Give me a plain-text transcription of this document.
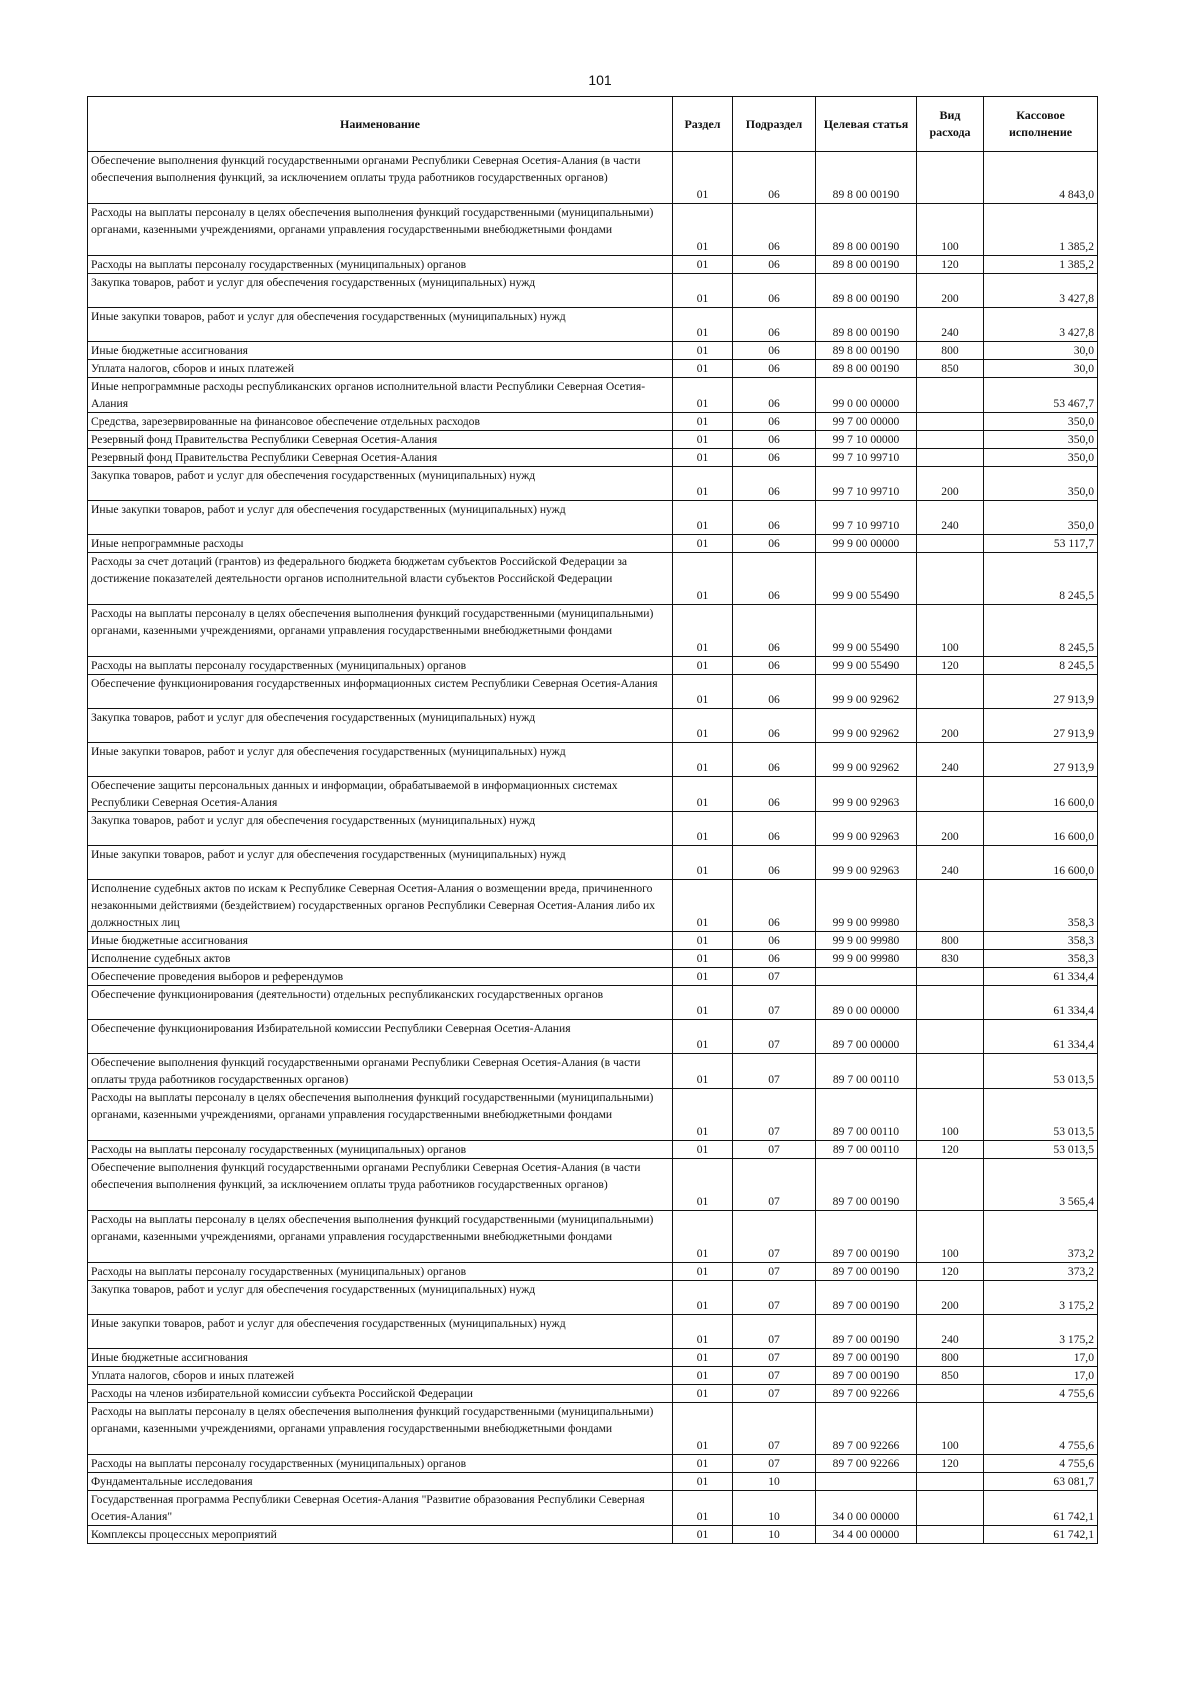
101
Наименование	Раздел	Подраздел	Целевая статья	Вид расхода	Кассовое исполнение
Обеспечение выполнения функций государственными органами Республики Северная Осетия-Алания (в части обеспечения выполнения функций, за исключением оплаты труда работников государственных органов)	01	06	89 8 00 00190		4 843,0
Расходы на выплаты персоналу в целях обеспечения выполнения функций государственными (муниципальными) органами, казенными учреждениями, органами управления государственными внебюджетными фондами	01	06	89 8 00 00190	100	1 385,2
Расходы на выплаты персоналу государственных (муниципальных) органов	01	06	89 8 00 00190	120	1 385,2
Закупка товаров, работ и услуг для обеспечения государственных (муниципальных) нужд	01	06	89 8 00 00190	200	3 427,8
Иные закупки товаров, работ и услуг для обеспечения государственных (муниципальных) нужд	01	06	89 8 00 00190	240	3 427,8
Иные бюджетные ассигнования	01	06	89 8 00 00190	800	30,0
Уплата налогов, сборов и иных платежей	01	06	89 8 00 00190	850	30,0
Иные непрограммные расходы республиканских органов исполнительной власти Республики Северная Осетия-Алания	01	06	99 0 00 00000		53 467,7
Средства, зарезервированные на финансовое обеспечение отдельных расходов	01	06	99 7 00 00000		350,0
Резервный фонд Правительства Республики Северная Осетия-Алания	01	06	99 7 10 00000		350,0
Резервный фонд Правительства Республики Северная Осетия-Алания	01	06	99 7 10 99710		350,0
Закупка товаров, работ и услуг для обеспечения государственных (муниципальных) нужд	01	06	99 7 10 99710	200	350,0
Иные закупки товаров, работ и услуг для обеспечения государственных (муниципальных) нужд	01	06	99 7 10 99710	240	350,0
Иные непрограммные расходы	01	06	99 9 00 00000		53 117,7
Расходы за счет дотаций (грантов) из федерального бюджета бюджетам субъектов Российской Федерации за достижение показателей деятельности органов исполнительной власти субъектов Российской Федерации	01	06	99 9 00 55490		8 245,5
Расходы на выплаты персоналу в целях обеспечения выполнения функций государственными (муниципальными) органами, казенными учреждениями, органами управления государственными внебюджетными фондами	01	06	99 9 00 55490	100	8 245,5
Расходы на выплаты персоналу государственных (муниципальных) органов	01	06	99 9 00 55490	120	8 245,5
Обеспечение функционирования государственных информационных систем Республики Северная Осетия-Алания	01	06	99 9 00 92962		27 913,9
Закупка товаров, работ и услуг для обеспечения государственных (муниципальных) нужд	01	06	99 9 00 92962	200	27 913,9
Иные закупки товаров, работ и услуг для обеспечения государственных (муниципальных) нужд	01	06	99 9 00 92962	240	27 913,9
Обеспечение защиты персональных данных и информации, обрабатываемой в информационных системах Республики Северная Осетия-Алания	01	06	99 9 00 92963		16 600,0
Закупка товаров, работ и услуг для обеспечения государственных (муниципальных) нужд	01	06	99 9 00 92963	200	16 600,0
Иные закупки товаров, работ и услуг для обеспечения государственных (муниципальных) нужд	01	06	99 9 00 92963	240	16 600,0
Исполнение судебных актов по искам к Республике Северная Осетия-Алания о возмещении вреда, причиненного незаконными действиями (бездействием) государственных органов Республики Северная Осетия-Алания либо их должностных лиц	01	06	99 9 00 99980		358,3
Иные бюджетные ассигнования	01	06	99 9 00 99980	800	358,3
Исполнение судебных актов	01	06	99 9 00 99980	830	358,3
Обеспечение проведения выборов и референдумов	01	07			61 334,4
Обеспечение функционирования (деятельности) отдельных республиканских государственных органов	01	07	89 0 00 00000		61 334,4
Обеспечение функционирования Избирательной комиссии Республики Северная Осетия-Алания	01	07	89 7 00 00000		61 334,4
Обеспечение выполнения функций государственными органами Республики Северная Осетия-Алания (в части оплаты труда работников государственных органов)	01	07	89 7 00 00110		53 013,5
Расходы на выплаты персоналу в целях обеспечения выполнения функций государственными (муниципальными) органами, казенными учреждениями, органами управления государственными внебюджетными фондами	01	07	89 7 00 00110	100	53 013,5
Расходы на выплаты персоналу государственных (муниципальных) органов	01	07	89 7 00 00110	120	53 013,5
Обеспечение выполнения функций государственными органами Республики Северная Осетия-Алания (в части обеспечения выполнения функций, за исключением оплаты труда работников государственных органов)	01	07	89 7 00 00190		3 565,4
Расходы на выплаты персоналу в целях обеспечения выполнения функций государственными (муниципальными) органами, казенными учреждениями, органами управления государственными внебюджетными фондами	01	07	89 7 00 00190	100	373,2
Расходы на выплаты персоналу государственных (муниципальных) органов	01	07	89 7 00 00190	120	373,2
Закупка товаров, работ и услуг для обеспечения государственных (муниципальных) нужд	01	07	89 7 00 00190	200	3 175,2
Иные закупки товаров, работ и услуг для обеспечения государственных (муниципальных) нужд	01	07	89 7 00 00190	240	3 175,2
Иные бюджетные ассигнования	01	07	89 7 00 00190	800	17,0
Уплата налогов, сборов и иных платежей	01	07	89 7 00 00190	850	17,0
Расходы на членов избирательной комиссии субъекта Российской Федерации	01	07	89 7 00 92266		4 755,6
Расходы на выплаты персоналу в целях обеспечения выполнения функций государственными (муниципальными) органами, казенными учреждениями, органами управления государственными внебюджетными фондами	01	07	89 7 00 92266	100	4 755,6
Расходы на выплаты персоналу государственных (муниципальных) органов	01	07	89 7 00 92266	120	4 755,6
Фундаментальные исследования	01	10			63 081,7
Государственная программа Республики Северная Осетия-Алания "Развитие образования Республики Северная Осетия-Алания"	01	10	34 0 00 00000		61 742,1
Комплексы процессных мероприятий	01	10	34 4 00 00000		61 742,1
